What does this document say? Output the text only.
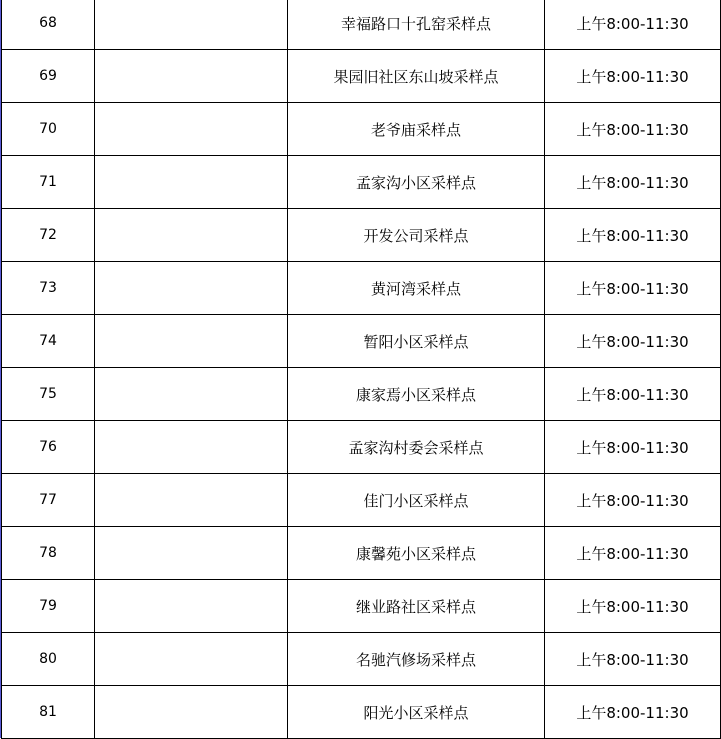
68		幸福路口十孔窑采样点	上午8:00-11:30
69		果园旧社区东山坡采样点	上午8:00-11:30
70		老爷庙采样点	上午8:00-11:30
71		孟家沟小区采样点	上午8:00-11:30
72		开发公司采样点	上午8:00-11:30
73		黄河湾采样点	上午8:00-11:30
74		暂阳小区采样点	上午8:00-11:30
75		康家焉小区采样点	上午8:00-11:30
76		孟家沟村委会采样点	上午8:00-11:30
77		佳门小区采样点	上午8:00-11:30
78		康馨苑小区采样点	上午8:00-11:30
79		继业路社区采样点	上午8:00-11:30
80		名驰汽修场采样点	上午8:00-11:30
81		阳光小区采样点	上午8:00-11:30
